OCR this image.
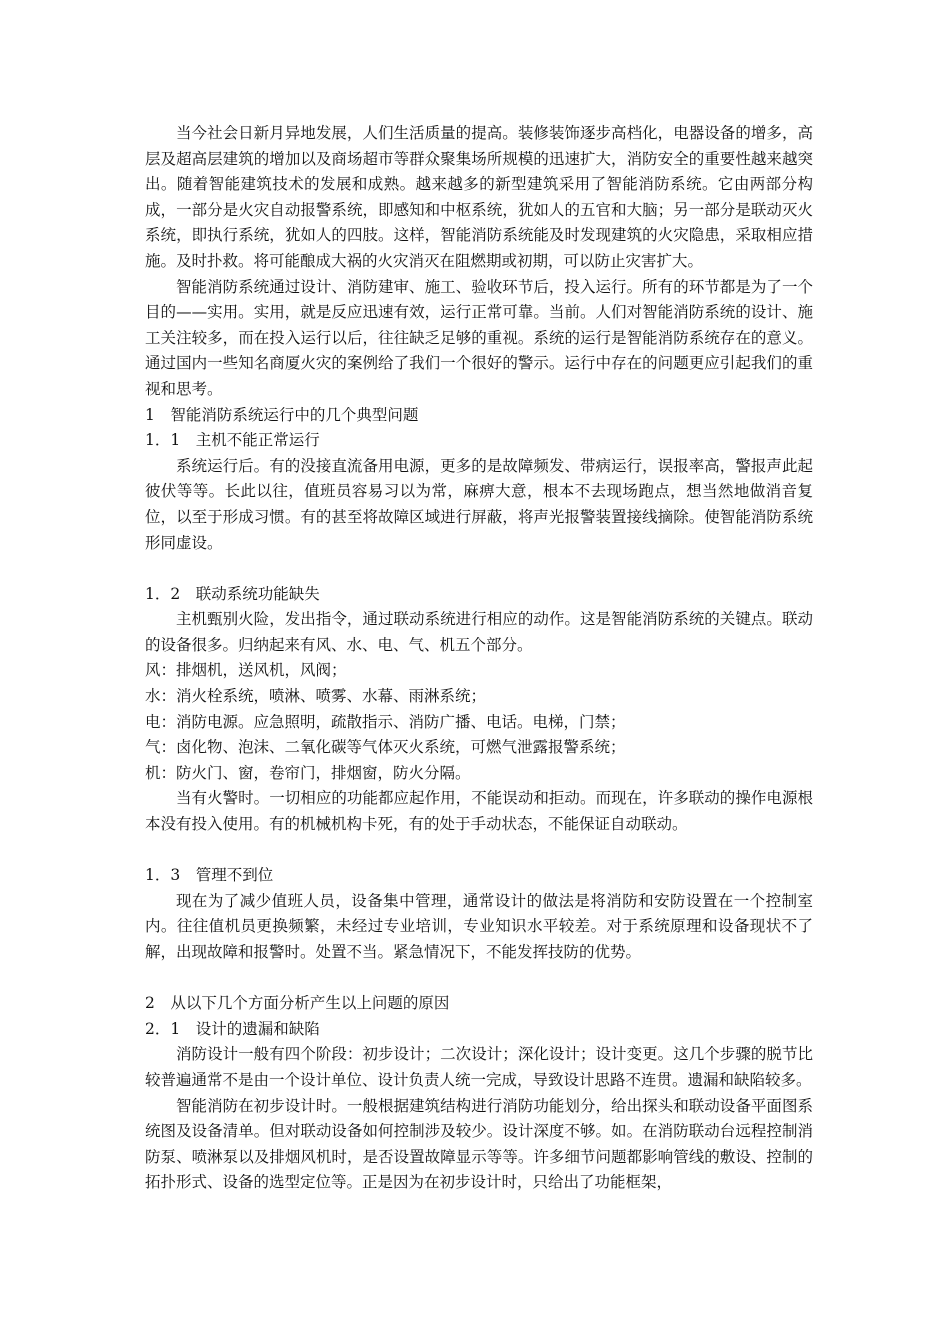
当今社会日新月异地发展，人们生活质量的提高。装修装饰逐步高档化，电器设备的增多，高层及超高层建筑的增加以及商场超市等群众聚集场所规模的迅速扩大，消防安全的重要性越来越突出。随着智能建筑技术的发展和成熟。越来越多的新型建筑采用了智能消防系统。它由两部分构成，一部分是火灾自动报警系统，即感知和中枢系统，犹如人的五官和大脑；另一部分是联动灭火系统，即执行系统，犹如人的四肢。这样，智能消防系统能及时发现建筑的火灾隐患，采取相应措施。及时扑救。将可能酿成大祸的火灾消灭在阻燃期或初期，可以防止灾害扩大。

智能消防系统通过设计、消防建审、施工、验收环节后，投入运行。所有的环节都是为了一个目的——实用。实用，就是反应迅速有效，运行正常可靠。当前。人们对智能消防系统的设计、施工关注较多，而在投入运行以后，往往缺乏足够的重视。系统的运行是智能消防系统存在的意义。通过国内一些知名商厦火灾的案例给了我们一个很好的警示。运行中存在的问题更应引起我们的重视和思考。

1　智能消防系统运行中的几个典型问题

1．1　主机不能正常运行

系统运行后。有的没接直流备用电源，更多的是故障频发、带病运行，误报率高，警报声此起彼伏等等。长此以往，值班员容易习以为常，麻痹大意，根本不去现场跑点，想当然地做消音复位，以至于形成习惯。有的甚至将故障区域进行屏蔽，将声光报警装置接线摘除。使智能消防系统形同虚设。

1．2　联动系统功能缺失

主机甄别火险，发出指令，通过联动系统进行相应的动作。这是智能消防系统的关键点。联动的设备很多。归纳起来有风、水、电、气、机五个部分。

风：排烟机，送风机，风阀；

水：消火栓系统，喷淋、喷雾、水幕、雨淋系统；

电：消防电源。应急照明，疏散指示、消防广播、电话。电梯，门禁；

气：卤化物、泡沫、二氧化碳等气体灭火系统，可燃气泄露报警系统；

机：防火门、窗，卷帘门，排烟窗，防火分隔。

当有火警时。一切相应的功能都应起作用，不能误动和拒动。而现在，许多联动的操作电源根本没有投入使用。有的机械机构卡死，有的处于手动状态，不能保证自动联动。

1．3　管理不到位

现在为了减少值班人员，设备集中管理，通常设计的做法是将消防和安防设置在一个控制室内。往往值机员更换频繁，未经过专业培训，专业知识水平较差。对于系统原理和设备现状不了解，出现故障和报警时。处置不当。紧急情况下，不能发挥技防的优势。

2　从以下几个方面分析产生以上问题的原因

2．1　设计的遗漏和缺陷

消防设计一般有四个阶段：初步设计；二次设计；深化设计；设计变更。这几个步骤的脱节比较普遍通常不是由一个设计单位、设计负责人统一完成，导致设计思路不连贯。遗漏和缺陷较多。

智能消防在初步设计时。一般根据建筑结构进行消防功能划分，给出探头和联动设备平面图系统图及设备清单。但对联动设备如何控制涉及较少。设计深度不够。如。在消防联动台远程控制消防泵、喷淋泵以及排烟风机时，是否设置故障显示等等。许多细节问题都影响管线的敷设、控制的拓扑形式、设备的选型定位等。正是因为在初步设计时，只给出了功能框架，
